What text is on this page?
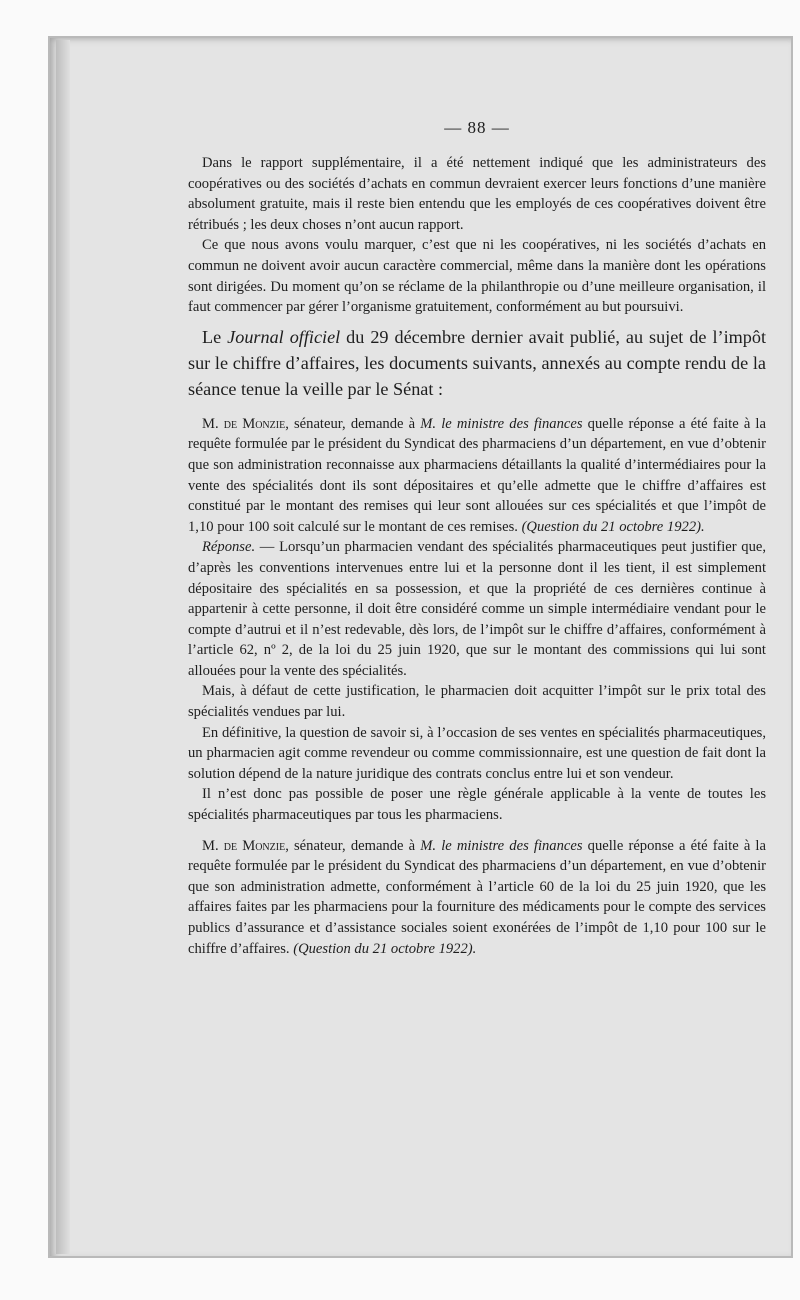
— 88 —

Dans le rapport supplémentaire, il a été nettement indiqué que les administrateurs des coopératives ou des sociétés d’achats en commun devraient exercer leurs fonctions d’une manière absolument gratuite, mais il reste bien entendu que les employés de ces coopératives doivent être rétribués ; les deux choses n’ont aucun rapport.

Ce que nous avons voulu marquer, c’est que ni les coopératives, ni les sociétés d’achats en commun ne doivent avoir aucun caractère commercial, même dans la manière dont les opérations sont dirigées. Du moment qu’on se réclame de la philanthropie ou d’une meilleure organisation, il faut commencer par gérer l’organisme gratuitement, conformément au but poursuivi.

Le Journal officiel du 29 décembre dernier avait publié, au sujet de l’impôt sur le chiffre d’affaires, les documents suivants, annexés au compte rendu de la séance tenue la veille par le Sénat :

M. de Monzie, sénateur, demande à M. le ministre des finances quelle réponse a été faite à la requête formulée par le président du Syndicat des pharmaciens d’un département, en vue d’obtenir que son administration reconnaisse aux pharmaciens détaillants la qualité d’intermédiaires pour la vente des spécialités dont ils sont dépositaires et qu’elle admette que le chiffre d’affaires est constitué par le montant des remises qui leur sont allouées sur ces spécialités et que l’impôt de 1,10 pour 100 soit calculé sur le montant de ces remises. (Question du 21 octobre 1922).

Réponse. — Lorsqu’un pharmacien vendant des spécialités pharmaceutiques peut justifier que, d’après les conventions intervenues entre lui et la personne dont il les tient, il est simplement dépositaire des spécialités en sa possession, et que la propriété de ces dernières continue à appartenir à cette personne, il doit être considéré comme un simple intermédiaire vendant pour le compte d’autrui et il n’est redevable, dès lors, de l’impôt sur le chiffre d’affaires, conformément à l’article 62, nº 2, de la loi du 25 juin 1920, que sur le montant des commissions qui lui sont allouées pour la vente des spécialités.

Mais, à défaut de cette justification, le pharmacien doit acquitter l’impôt sur le prix total des spécialités vendues par lui.

En définitive, la question de savoir si, à l’occasion de ses ventes en spécialités pharmaceutiques, un pharmacien agit comme revendeur ou comme commissionnaire, est une question de fait dont la solution dépend de la nature juridique des contrats conclus entre lui et son vendeur.

Il n’est donc pas possible de poser une règle générale applicable à la vente de toutes les spécialités pharmaceutiques par tous les pharmaciens.

M. de Monzie, sénateur, demande à M. le ministre des finances quelle réponse a été faite à la requête formulée par le président du Syndicat des pharmaciens d’un département, en vue d’obtenir que son administration admette, conformément à l’article 60 de la loi du 25 juin 1920, que les affaires faites par les pharmaciens pour la fourniture des médicaments pour le compte des services publics d’assurance et d’assistance sociales soient exonérées de l’impôt de 1,10 pour 100 sur le chiffre d’affaires. (Question du 21 octobre 1922).
